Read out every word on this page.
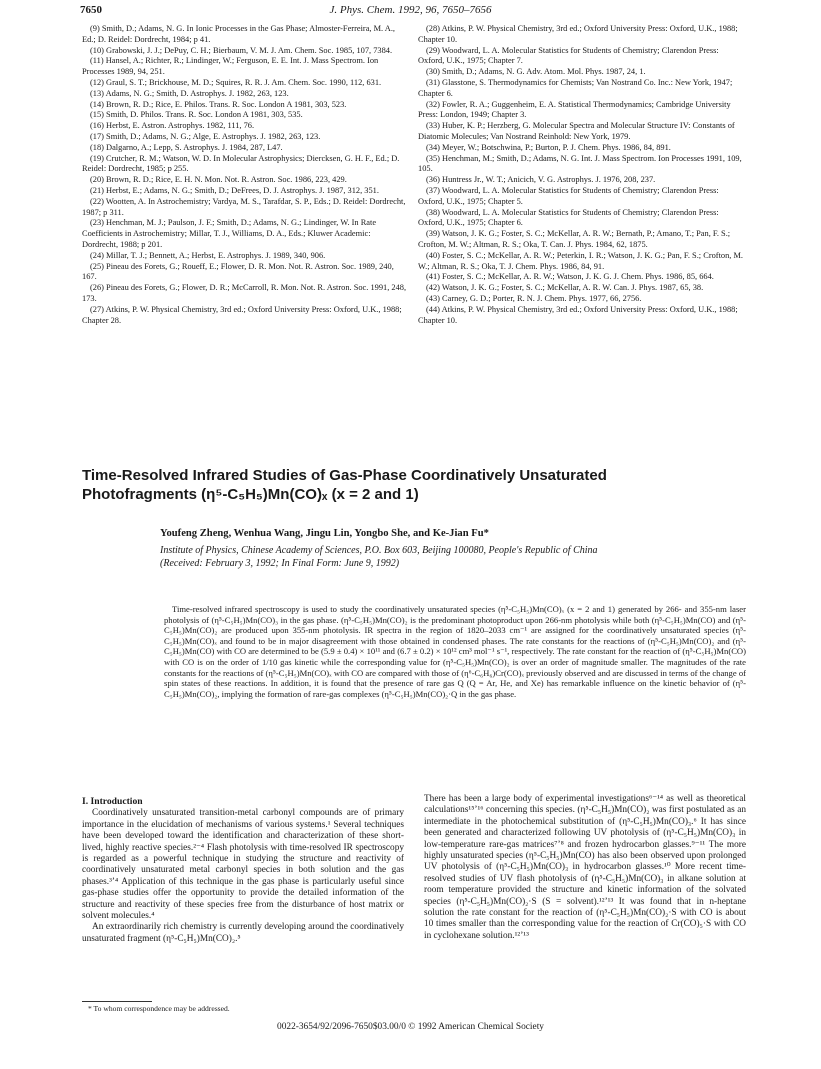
7650	J. Phys. Chem. 1992, 96, 7650–7656

(9) Smith, D.; Adams, N. G. In Ionic Processes in the Gas Phase; Almoster-Ferreira, M. A., Ed.; D. Reidel: Dordrecht, 1984; p 41.

(10) Grabowski, J. J.; DePuy, C. H.; Bierbaum, V. M. J. Am. Chem. Soc. 1985, 107, 7384.

(11) Hansel, A.; Richter, R.; Lindinger, W.; Ferguson, E. E. Int. J. Mass Spectrom. Ion Processes 1989, 94, 251.

(12) Graul, S. T.; Brickhouse, M. D.; Squires, R. R. J. Am. Chem. Soc. 1990, 112, 631.

(13) Adams, N. G.; Smith, D. Astrophys. J. 1982, 263, 123.

(14) Brown, R. D.; Rice, E. Philos. Trans. R. Soc. London A 1981, 303, 523.

(15) Smith, D. Philos. Trans. R. Soc. London A 1981, 303, 535.

(16) Herbst, E. Astron. Astrophys. 1982, 111, 76.

(17) Smith, D.; Adams, N. G.; Alge, E. Astrophys. J. 1982, 263, 123.

(18) Dalgarno, A.; Lepp, S. Astrophys. J. 1984, 287, L47.

(19) Crutcher, R. M.; Watson, W. D. In Molecular Astrophysics; Diercksen, G. H. F., Ed.; D. Reidel: Dordrecht, 1985; p 255.

(20) Brown, R. D.; Rice, E. H. N. Mon. Not. R. Astron. Soc. 1986, 223, 429.

(21) Herbst, E.; Adams, N. G.; Smith, D.; DeFrees, D. J. Astrophys. J. 1987, 312, 351.

(22) Wootten, A. In Astrochemistry; Vardya, M. S., Tarafdar, S. P., Eds.; D. Reidel: Dordrecht, 1987; p 311.

(23) Henchman, M. J.; Paulson, J. F.; Smith, D.; Adams, N. G.; Lindinger, W. In Rate Coefficients in Astrochemistry; Millar, T. J., Williams, D. A., Eds.; Kluwer Academic: Dordrecht, 1988; p 201.

(24) Millar, T. J.; Bennett, A.; Herbst, E. Astrophys. J. 1989, 340, 906.

(25) Pineau des Forets, G.; Roueff, E.; Flower, D. R. Mon. Not. R. Astron. Soc. 1989, 240, 167.

(26) Pineau des Forets, G.; Flower, D. R.; McCarroll, R. Mon. Not. R. Astron. Soc. 1991, 248, 173.

(27) Atkins, P. W. Physical Chemistry, 3rd ed.; Oxford University Press: Oxford, U.K., 1988; Chapter 28.

(28) Atkins, P. W. Physical Chemistry, 3rd ed.; Oxford University Press: Oxford, U.K., 1988; Chapter 10.

(29) Woodward, L. A. Molecular Statistics for Students of Chemistry; Clarendon Press: Oxford, U.K., 1975; Chapter 7.

(30) Smith, D.; Adams, N. G. Adv. Atom. Mol. Phys. 1987, 24, 1.

(31) Glasstone, S. Thermodynamics for Chemists; Van Nostrand Co. Inc.: New York, 1947; Chapter 6.

(32) Fowler, R. A.; Guggenheim, E. A. Statistical Thermodynamics; Cambridge University Press: London, 1949; Chapter 3.

(33) Huber, K. P.; Herzberg, G. Molecular Spectra and Molecular Structure IV: Constants of Diatomic Molecules; Van Nostrand Reinhold: New York, 1979.

(34) Meyer, W.; Botschwina, P.; Burton, P. J. Chem. Phys. 1986, 84, 891.

(35) Henchman, M.; Smith, D.; Adams, N. G. Int. J. Mass Spectrom. Ion Processes 1991, 109, 105.

(36) Huntress Jr., W. T.; Anicich, V. G. Astrophys. J. 1976, 208, 237.

(37) Woodward, L. A. Molecular Statistics for Students of Chemistry; Clarendon Press: Oxford, U.K., 1975; Chapter 5.

(38) Woodward, L. A. Molecular Statistics for Students of Chemistry; Clarendon Press: Oxford, U.K., 1975; Chapter 6.

(39) Watson, J. K. G.; Foster, S. C.; McKellar, A. R. W.; Bernath, P.; Amano, T.; Pan, F. S.; Crofton, M. W.; Altman, R. S.; Oka, T. Can. J. Phys. 1984, 62, 1875.

(40) Foster, S. C.; McKellar, A. R. W.; Peterkin, I. R.; Watson, J. K. G.; Pan, F. S.; Crofton, M. W.; Altman, R. S.; Oka, T. J. Chem. Phys. 1986, 84, 91.

(41) Foster, S. C.; McKellar, A. R. W.; Watson, J. K. G. J. Chem. Phys. 1986, 85, 664.

(42) Watson, J. K. G.; Foster, S. C.; McKellar, A. R. W. Can. J. Phys. 1987, 65, 38.

(43) Carney, G. D.; Porter, R. N. J. Chem. Phys. 1977, 66, 2756.

(44) Atkins, P. W. Physical Chemistry, 3rd ed.; Oxford University Press: Oxford, U.K., 1988; Chapter 10.

Time-Resolved Infrared Studies of Gas-Phase Coordinatively Unsaturated
Photofragments (η⁵-C₅H₅)Mn(CO)ₓ (x = 2 and 1)
Youfeng Zheng, Wenhua Wang, Jingu Lin, Yongbo She, and Ke-Jian Fu*
Institute of Physics, Chinese Academy of Sciences, P.O. Box 603, Beijing 100080, People's Republic of China
(Received: February 3, 1992; In Final Form: June 9, 1992)
Time-resolved infrared spectroscopy is used to study the coordinatively unsaturated species (η⁵-C₅H₅)Mn(CO)ₓ (x = 2 and 1) generated by 266- and 355-nm laser photolysis of (η⁵-C₅H₅)Mn(CO)₃ in the gas phase. (η⁵-C₅H₅)Mn(CO)₂ is the predominant photoproduct upon 266-nm photolysis while both (η⁵-C₅H₅)Mn(CO) and (η⁵-C₅H₅)Mn(CO)₂ are produced upon 355-nm photolysis. IR spectra in the region of 1820–2033 cm⁻¹ are assigned for the coordinatively unsaturated species (η⁵-C₅H₅)Mn(CO)ₓ and found to be in major disagreement with those obtained in condensed phases. The rate constants for the reactions of (η⁵-C₅H₅)Mn(CO)₂ and (η⁵-C₅H₅)Mn(CO) with CO are determined to be (5.9 ± 0.4) × 10¹¹ and (6.7 ± 0.2) × 10¹² cm³ mol⁻¹ s⁻¹, respectively. The rate constant for the reaction of (η⁵-C₅H₅)Mn(CO) with CO is on the order of 1/10 gas kinetic while the corresponding value for (η⁵-C₅H₅)Mn(CO)₂ is over an order of magnitude smaller. The magnitudes of the rate constants for the reactions of (η⁵-C₅H₅)Mn(CO)ₓ with CO are compared with those of (η⁶-C₆H₆)Cr(CO)ₓ previously observed and are discussed in terms of the change of spin states of these reactions. In addition, it is found that the presence of rare gas Q (Q = Ar, He, and Xe) has remarkable influence on the kinetic behavior of (η⁵-C₅H₅)Mn(CO)₂, implying the formation of rare-gas complexes (η⁵-C₅H₅)Mn(CO)₂·Q in the gas phase.
I. Introduction

Coordinatively unsaturated transition-metal carbonyl compounds are of primary importance in the elucidation of mechanisms of various systems.¹ Several techniques have been developed toward the identification and characterization of these short-lived, highly reactive species.²⁻⁴ Flash photolysis with time-resolved IR spectroscopy is regarded as a powerful technique in studying the structure and reactivity of coordinatively unsaturated metal carbonyl species in both solution and the gas phases.³ʼ⁴ Application of this technique in the gas phase is particularly useful since gas-phase studies offer the opportunity to provide the detailed information of the structure and reactivity of these species free from the disturbance of host matrix or solvent molecules.⁴

An extraordinarily rich chemistry is currently developing around the coordinatively unsaturated fragment (η⁵-C₅H₅)Mn(CO)₂.⁵

There has been a large body of experimental investigations⁶⁻¹⁴ as well as theoretical calculations¹⁵ʼ¹⁶ concerning this species. (η⁵-C₅H₅)Mn(CO)₂ was first postulated as an intermediate in the photochemical substitution of (η⁵-C₅H₅)Mn(CO)₃.⁶ It has since been generated and characterized following UV photolysis of (η⁵-C₅H₅)Mn(CO)₃ in low-temperature rare-gas matrices⁷ʼ⁸ and frozen hydrocarbon glasses.⁹⁻¹¹ The more highly unsaturated species (η⁵-C₅H₅)Mn(CO) has also been observed upon prolonged UV photolysis of (η⁵-C₅H₅)Mn(CO)₃ in hydrocarbon glasses.¹⁰ More recent time-resolved studies of UV flash photolysis of (η⁵-C₅H₅)Mn(CO)₃ in alkane solution at room temperature provided the structure and kinetic information of the solvated species (η⁵-C₅H₅)Mn(CO)₂·S (S = solvent).¹²ʼ¹³ It was found that in n-heptane solution the rate constant for the reaction of (η⁵-C₅H₅)Mn(CO)₂·S with CO is about 10 times smaller than the corresponding value for the reaction of Cr(CO)₅·S with CO in cyclohexane solution.¹²ʼ¹³

* To whom correspondence may be addressed.
0022-3654/92/2096-7650$03.00/0 © 1992 American Chemical Society
